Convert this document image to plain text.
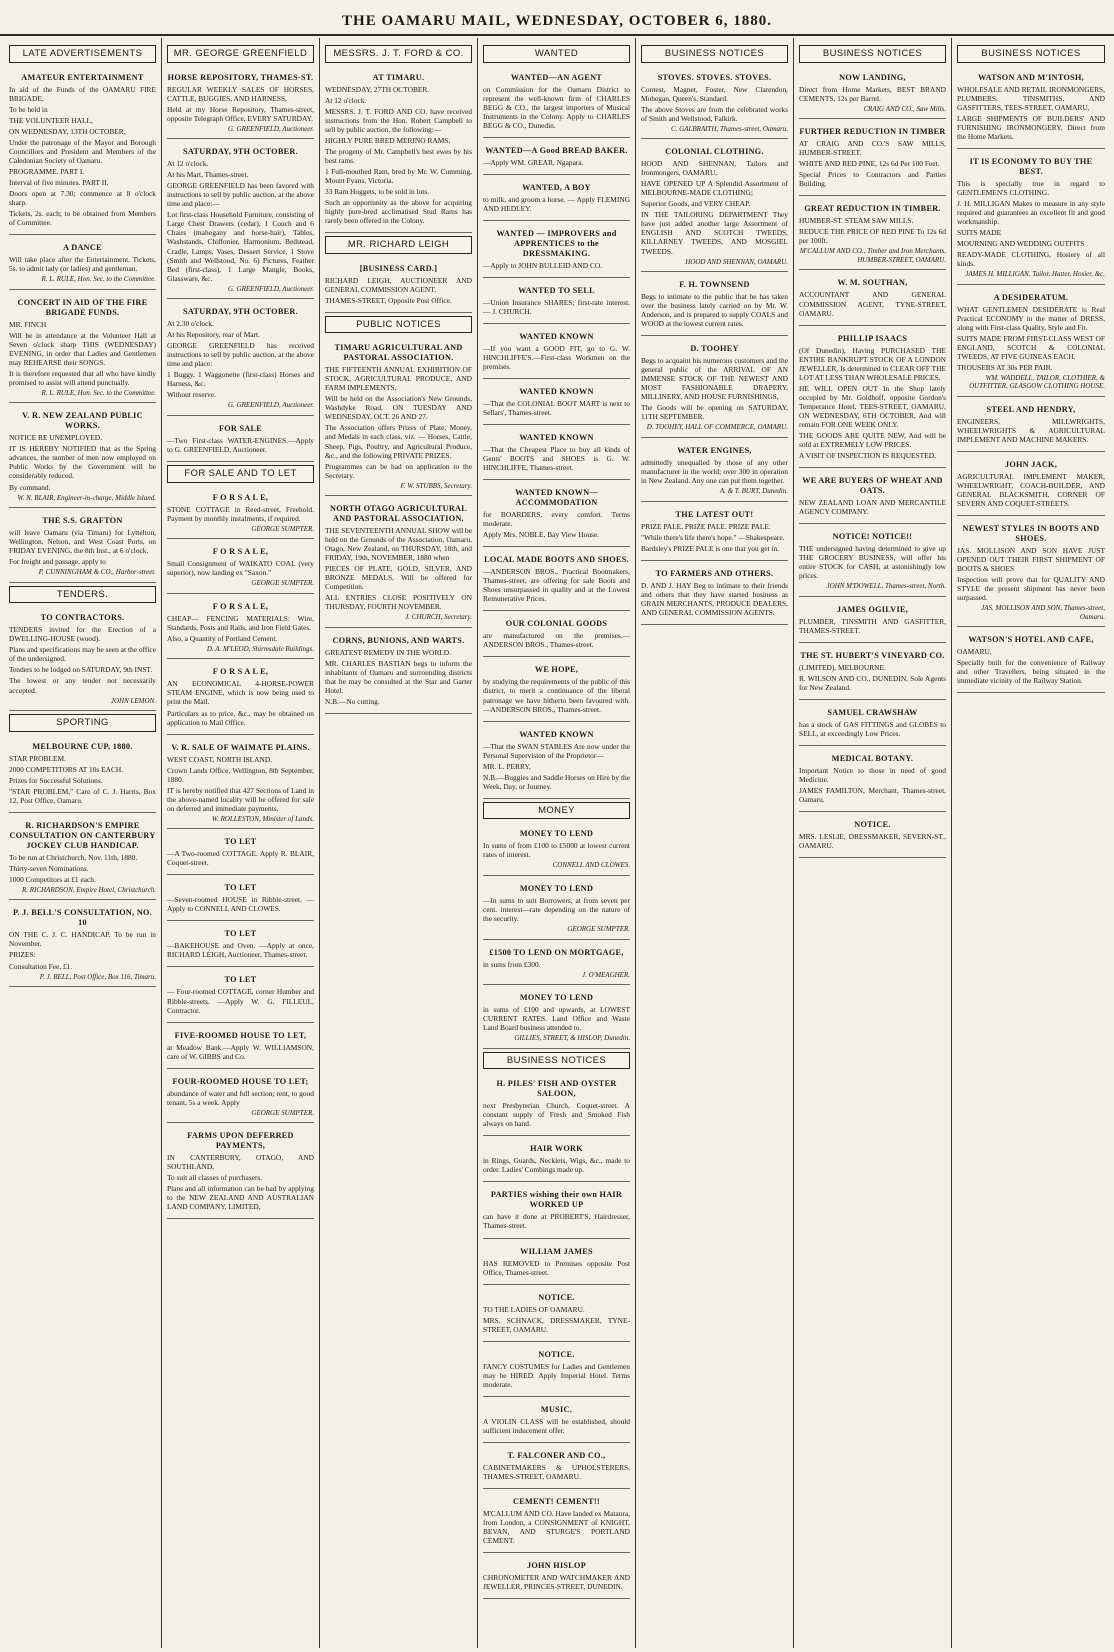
THE OAMARU MAIL, WEDNESDAY, OCTOBER 6, 1880.
LATE ADVERTISEMENTS
AMATEUR ENTERTAINMENT

In aid of the Funds of the OAMARU FIRE BRIGADE,

To be held in

THE VOLUNTEER HALL,

ON WEDNESDAY, 13TH OCTOBER,

Under the patronage of the Mayor and Borough Councillors and President and Members of the Caledonian Society of Oamaru.

PROGRAMME. PART I.

Interval of five minutes. PART II.

Doors open at 7.30; commence at 8 o'clock sharp.

Tickets, 2s. each; to be obtained from Members of Committee.

A DANCE

Will take place after the Entertainment. Tickets, 5s. to admit lady (or ladies) and gentleman.

R. L. RULE, Hon. Sec. to the Committee.
CONCERT IN AID OF THE FIRE BRIGADE FUNDS.

MR. FINCH

Will be in attendance at the Volunteer Hall at Seven o'clock sharp THIS (WEDNESDAY) EVENING, in order that Ladies and Gentlemen may REHEARSE their SONGS.

It is therefore requested that all who have kindly promised to assist will attend punctually.

R. L. RULE, Hon. Sec. to the Committee.
V. R. NEW ZEALAND PUBLIC WORKS.

NOTICE RE UNEMPLOYED.

IT IS HEREBY NOTIFIED that as the Spring advances, the number of men now employed on Public Works by the Government will be considerably reduced.

By command.

W. N. BLAIR, Engineer-in-charge, Middle Island.
THE S.S. GRAFTON

will leave Oamaru (via Timaru) for Lyttelton, Wellington, Nelson, and West Coast Ports, on FRIDAY EVENING, the 8th Inst., at 6 o'clock.

For freight and passage, apply to

P. CUNNINGHAM & CO., Harbor-street.
TENDERS.
TO CONTRACTORS.

TENDERS invited for the Erection of a DWELLING-HOUSE (wood).

Plans and specifications may be seen at the office of the undersigned.

Tenders to be lodged on SATURDAY, 9th INST.

The lowest or any tender not necessarily accepted.

JOHN LEMON.
SPORTING
MELBOURNE CUP, 1880.

STAR PROBLEM.

2000 COMPETITORS AT 10s EACH.

Prizes for Successful Solutions.

"STAR PROBLEM," Care of C. J. Harris, Box 12, Post Office, Oamaru.

R. RICHARDSON'S EMPIRE CONSULTATION ON CANTERBURY JOCKEY CLUB HANDICAP.

To be run at Christchurch, Nov. 11th, 1880.

Thirty-seven Nominations.

1000 Competitors at £1 each.

R. RICHARDSON, Empire Hotel, Christchurch.
P. J. BELL'S CONSULTATION, NO. 10

ON THE C. J. C. HANDICAP, To be run in November.

PRIZES:

Consultation Fee, £1.

P. J. BELL, Post Office, Box 116, Timaru.
MR. GEORGE GREENFIELD
HORSE REPOSITORY, THAMES-ST.

REGULAR WEEKLY SALES OF HORSES, CATTLE, BUGGIES, AND HARNESS,

Held at my Horse Repository, Thames-street, opposite Telegraph Office, EVERY SATURDAY.

G. GREENFIELD, Auctioneer.
SATURDAY, 9TH OCTOBER.

At 12 o'clock.

At his Mart, Thames-street.

GEORGE GREENFIELD has been favored with instructions to sell by public auction, at the above time and place:—

Lot first-class Household Furniture, consisting of Large Chest Drawers (cedar), 1 Couch and 6 Chairs (mahogany and horse-hair), Tables, Washstands, Chiffonier, Harmonium, Bedstead, Cradle, Lamps, Vases, Dessert Service, 1 Stove (Smith and Wellstood, No. 6) Pictures, Feather Bed (first-class), 1 Large Mangle, Books, Glassware, &c.

G. GREENFIELD, Auctioneer.
SATURDAY, 9TH OCTOBER.

At 2.30 o'clock.

At his Repository, rear of Mart.

GEORGE GREENFIELD has received instructions to sell by public auction, at the above time and place:

1 Buggy, 1 Waggonette (first-class) Horses and Harness, &c.

Without reserve.

G. GREENFIELD, Auctioneer.
FOR SALE

—Two First-class WATER-ENGINES.—Apply to G. GREENFIELD, Auctioneer.

FOR SALE AND TO LET
F O R S A L E,

STONE COTTAGE in Reed-street, Freehold. Payment by monthly instalments, if required.

GEORGE SUMPTER.
F O R S A L E,

Small Consignment of WAIKATO COAL (very superior), now landing ex "Saxon."

GEORGE SUMPTER.
F O R S A L E,

CHEAP— FENCING MATERIALS: Wire, Standards, Posts and Rails, and Iron Field Gates.

Also, a Quantity of Portland Cement.

D. A. M'LEOD, Shirmsdale Buildings.
F O R S A L E,

AN ECONOMICAL 4-HORSE-POWER STEAM ENGINE, which is now being used to print the Mail.

Particulars as to price, &c., may be obtained on application to Mail Office.

V. R. SALE OF WAIMATE PLAINS.

WEST COAST, NORTH ISLAND.

Crown Lands Office, Wellington, 8th September, 1880.

IT is hereby notified that 427 Sections of Land in the above-named locality will be offered for sale on deferred and immediate payments.

W. ROLLESTON, Minister of Lands.
TO LET

—A Two-roomed COTTAGE. Apply R. BLAIR, Coquet-street.

TO LET

—Seven-roomed HOUSE in Ribble-street. —Apply to CONNELL AND CLOWES.

TO LET

—BAKEHOUSE and Oven. —Apply at once, RICHARD LEIGH, Auctioneer, Thames-street.

TO LET

— Four-roomed COTTAGE, corner Humber and Ribble-streets. —Apply W. G. FILLEUL, Contractor.

FIVE-ROOMED HOUSE TO LET,

at Meadow Bank.—Apply W. WILLIAMSON, care of W. GIBBS and Co.

FOUR-ROOMED HOUSE TO LET;

abundance of water and full section; rent, to good tenant, 5s a week. Apply

GEORGE SUMPTER.
FARMS UPON DEFERRED PAYMENTS,

IN CANTERBURY, OTAGO, AND SOUTHLAND,

To suit all classes of purchasers.

Plans and all information can be had by applying to the NEW ZEALAND AND AUSTRALIAN LAND COMPANY, LIMITED,

MESSRS. J. T. FORD & CO.
AT TIMARU.

WEDNESDAY, 27TH OCTOBER.

At 12 o'clock.

MESSRS. J. T. FORD AND CO. have received instructions from the Hon. Robert Campbell to sell by public auction, the following:—

HIGHLY PURE BRED MERINO RAMS,

The progeny of Mr. Campbell's best ewes by his best rams.

1 Full-mouthed Ram, bred by Mr. W. Cumming, Mount Fyans, Victoria.

33 Ram Hoggets, to be sold in lots.

Such an opportunity as the above for acquiring highly pure-bred acclimatised Stud Rams has rarely been offered in the Colony.

MR. RICHARD LEIGH
[BUSINESS CARD.]

RICHARD LEIGH, AUCTIONEER AND GENERAL COMMISSION AGENT,

THAMES-STREET, Opposite Post Office.

PUBLIC NOTICES
TIMARU AGRICULTURAL AND PASTORAL ASSOCIATION.

THE FIFTEENTH ANNUAL EXHIBITION OF STOCK, AGRICULTURAL PRODUCE, AND FARM IMPLEMENTS,

Will be held on the Association's New Grounds, Washdyke Road, ON TUESDAY AND WEDNESDAY, OCT. 26 AND 27.

The Association offers Prizes of Plate, Money, and Medals in each class, viz. — Horses, Cattle, Sheep, Pigs, Poultry, and Agricultural Produce, &c., and the following PRIVATE PRIZES.

Programmes can be had on application to the Secretary.

F. W. STUBBS, Secretary.
NORTH OTAGO AGRICULTURAL AND PASTORAL ASSOCIATION.

THE SEVENTEENTH ANNUAL SHOW will be held on the Grounds of the Association, Oamaru, Otago, New Zealand, on THURSDAY, 18th, and FRIDAY, 19th, NOVEMBER, 1880 when

PIECES OF PLATE, GOLD, SILVER, AND BRONZE MEDALS, Will be offered for Competition.

ALL ENTRIES CLOSE POSITIVELY ON THURSDAY, FOURTH NOVEMBER.

J. CHURCH, Secretary.
CORNS, BUNIONS, AND WARTS.

GREATEST REMEDY IN THE WORLD.

MR. CHARLES BASTIAN begs to inform the inhabitants of Oamaru and surrounding districts that he may be consulted at the Star and Garter Hotel.

N.B.—No cutting.

WANTED
WANTED—AN AGENT

on Commission for the Oamaru District to represent the well-known firm of CHARLES BEGG & CO., the largest importers of Musical Instruments in the Colony. Apply to CHARLES BEGG & CO., Dunedin.

WANTED—A Good BREAD BAKER.

—Apply WM. GREAR, Ngapara.

WANTED, A BOY

to milk, and groom a horse. — Apply FLEMING AND HEDLEY.

WANTED — IMPROVERS and APPRENTICES to the DRESSMAKING.

—Apply to JOHN BULLEID AND CO.

WANTED TO SELL

—Union Insurance SHARES; first-rate interest. — J. CHURCH.

WANTED KNOWN

—If you want a GOOD FIT, go to G. W. HINCHLIFFE'S.—First-class Workmen on the premises.

WANTED KNOWN

—That the COLONIAL BOOT MART is next to Sellars', Thames-street.

WANTED KNOWN

—That the Cheapest Place to buy all kinds of Gents' BOOTS and SHOES is G. W. HINCHLIFFE, Thames-street.

WANTED KNOWN—ACCOMMODATION

for BOARDERS, every comfort. Terms moderate.

Apply Mrs. NOBLE, Bay View House.

LOCAL MADE BOOTS AND SHOES.

—ANDERSON BROS., Practical Bootmakers, Thames-street, are offering for sale Boots and Shoes unsurpassed in quality and at the Lowest Remunerative Prices.

OUR COLONIAL GOODS

are manufactured on the premises.—ANDERSON BROS., Thames-street.

WE HOPE,

by studying the requirements of the public of this district, to merit a continuance of the liberal patronage we have hitherto been favoured with. —ANDERSON BROS., Thames-street.

WANTED KNOWN

—That the SWAN STABLES Are now under the Personal Supervision of the Proprietor—

MR. L. PERRY,

N.B.—Buggies and Saddle Horses on Hire by the Week, Day, or Journey.

MONEY
MONEY TO LEND

In sums of from £100 to £5000 at lowest current rates of interest.

CONNELL AND CLOWES.
MONEY TO LEND

—In sums to suit Borrowers, at from seven per cent. interest—rate depending on the nature of the security.

GEORGE SUMPTER.
£1500 TO LEND ON MORTGAGE,

in sums from £300.

J. O'MEAGHER.
MONEY TO LEND

in sums of £100 and upwards, at LOWEST CURRENT RATES. Land Office and Waste Land Board business attended to.

GILLIES, STREET, & HISLOP, Dunedin.
BUSINESS NOTICES
H. PILES' FISH AND OYSTER SALOON,

next Presbyterian Church, Coquet-street. A constant supply of Fresh and Smoked Fish always on hand.

HAIR WORK

in Rings, Guards, Necklets, Wigs, &c., made to order. Ladies' Combings made up.

PARTIES wishing their own HAIR WORKED UP

can have it done at PROBERT'S, Hairdresser, Thames-street.

WILLIAM JAMES

HAS REMOVED to Premises opposite Post Office, Thames-street.

NOTICE.

TO THE LADIES OF OAMARU.

MRS. SCHNACK, DRESSMAKER, TYNE-STREET, OAMARU.

NOTICE.

FANCY COSTUMES for Ladies and Gentlemen may be HIRED. Apply Imperial Hotel. Terms moderate.

MUSIC.

A VIOLIN CLASS will be established, should sufficient inducement offer.

T. FALCONER AND CO.,

CABINETMAKERS & UPHOLSTERERS, THAMES-STREET, OAMARU.

CEMENT! CEMENT!!

M'CALLUM AND CO. Have landed ex Mataura, from London, a CONSIGNMENT of KNIGHT, BEVAN, AND STURGE'S PORTLAND CEMENT.

JOHN HISLOP

CHRONOMETER AND WATCHMAKER AND JEWELLER, PRINCES-STREET, DUNEDIN.

BUSINESS NOTICES
STOVES. STOVES. STOVES.

Contest, Magnet, Foster, New Clarendon, Mohegan, Queen's, Standard.

The above Stoves are from the celebrated works of Smith and Wellstood, Falkirk.

C. GALBRAITH, Thames-street, Oamaru.
COLONIAL CLOTHING.

HOOD AND SHENNAN, Tailors and Ironmongers, OAMARU,

HAVE OPENED UP A Splendid Assortment of MELBOURNE-MADE CLOTHING;

Superior Goods, and VERY CHEAP.

IN THE TAILORING DEPARTMENT They have just added another large Assortment of ENGLISH AND SCOTCH TWEEDS, KILLARNEY TWEEDS, AND MOSGIEL TWEEDS.

HOOD AND SHENNAN, OAMARU.
F. H. TOWNSEND

Begs to intimate to the public that he has taken over the business lately carried on by Mr. W. Anderson, and is prepared to supply COALS and WOOD at the lowest current rates.

D. TOOHEY

Begs to acquaint his numerous customers and the general public of the ARRIVAL OF AN IMMENSE STOCK OF THE NEWEST AND MOST FASHIONABLE DRAPERY, MILLINERY, AND HOUSE FURNISHINGS,

The Goods will be opening on SATURDAY, 11TH SEPTEMBER.

D. TOOHEY, HALL OF COMMERCE, OAMARU.
WATER ENGINES,

admittedly unequalled by those of any other manufacturer in the world; over 300 in operation in New Zealand. Any one can put them together.

A. & T. BURT, Dunedin.
THE LATEST OUT!

PRIZE PALE. PRIZE PALE. PRIZE PALE.

"While there's life there's hope." —Shakespeare.

Bardsley's PRIZE PALE is one that you get in.

TO FARMERS AND OTHERS.

D. AND J. HAY Beg to intimate to their friends and others that they have started business as GRAIN MERCHANTS, PRODUCE DEALERS, AND GENERAL COMMISSION AGENTS.

BUSINESS NOTICES
NOW LANDING,

Direct from Home Markets, BEST BRAND CEMENTS, 12s per Barrel.

CRAIG AND CO., Saw Mills.
FURTHER REDUCTION IN TIMBER

AT CRAIG AND CO.'S SAW MILLS, HUMBER-STREET.

WHITE AND RED PINE, 12s 6d Per 100 Feet.

Special Prices to Contractors and Parties Building.

GREAT REDUCTION IN TIMBER.

HUMBER-ST. STEAM SAW MILLS.

REDUCE THE PRICE OF RED PINE To 12s 6d per 100ft.

M'CALLUM AND CO., Timber and Iron Merchants, HUMBER-STREET, OAMARU.
W. M. SOUTHAN,

ACCOUNTANT AND GENERAL COMMISSION AGENT, TYNE-STREET, OAMARU.

PHILLIP ISAACS

(Of Dunedin), Having PURCHASED THE ENTIRE BANKRUPT STOCK OF A LONDON JEWELLER, Is determined to CLEAR OFF THE LOT AT LESS THAN WHOLESALE PRICES.

HE WILL OPEN OUT In the Shop lately occupied by Mr. Goldhoff, opposite Gordon's Temperance Hotel, TEES-STREET, OAMARU, ON WEDNESDAY, 6TH OCTOBER, And will remain FOR ONE WEEK ONLY.

THE GOODS ARE QUITE NEW, And will be sold at EXTREMELY LOW PRICES.

A VISIT OF INSPECTION IS REQUESTED,

WE ARE BUYERS OF WHEAT AND OATS.

NEW ZEALAND LOAN AND MERCANTILE AGENCY COMPANY.

NOTICE! NOTICE!!

THE undersigned having determined to give up THE GROCERY BUSINESS, will offer his entire STOCK for CASH, at astonishingly low prices.

JOHN M'DOWELL, Thames-street, North.
JAMES OGILVIE,

PLUMBER, TINSMITH AND GASFITTER, THAMES-STREET.

THE ST. HUBERT'S VINEYARD CO.

(LIMITED), MELBOURNE.

R. WILSON AND CO., DUNEDIN, Sole Agents for New Zealand.

SAMUEL CRAWSHAW

has a stock of GAS FITTINGS and GLOBES to SELL, at exceedingly Low Prices.

MEDICAL BOTANY.

Important Notice to those in need of good Medicine.

JAMES FAMILTON, Merchant, Thames-street, Oamaru.

NOTICE.

MRS. LESLIE, DRESSMAKER, SEVERN-ST., OAMARU.

BUSINESS NOTICES
WATSON AND M'INTOSH,

WHOLESALE AND RETAIL IRONMONGERS, PLUMBERS, TINSMITHS, AND GASFITTERS, TEES-STREET, OAMARU,

LARGE SHIPMENTS OF BUILDERS' AND FURNISHING IRONMONGERY, Direct from the Home Markets.

IT IS ECONOMY TO BUY THE BEST.

This is specially true in regard to GENTLEMEN'S CLOTHING.

J. H. MILLIGAN Makes to measure in any style required and guarantees an excellent fit and good workmanship.

SUITS MADE

MOURNING AND WEDDING OUTFITS

READY-MADE CLOTHING, Hosiery of all kinds.

JAMES H. MILLIGAN, Tailor, Hatter, Hosier, &c.
A DESIDERATUM.

WHAT GENTLEMEN DESIDERATE is Real Practical ECONOMY in the matter of DRESS, along with First-class Quality, Style and Fit.

SUITS MADE FROM FIRST-CLASS WEST OF ENGLAND, SCOTCH & COLONIAL TWEEDS, AT FIVE GUINEAS EACH.

TROUSERS AT 30s PER PAIR.

WM. WADDELL, TAILOR, CLOTHIER, & OUTFITTER, GLASGOW CLOTHING HOUSE.
STEEL AND HENDRY,

ENGINEERS, MILLWRIGHTS, WHEELWRIGHTS & AGRICULTURAL IMPLEMENT AND MACHINE MAKERS.

JOHN JACK,

AGRICULTURAL IMPLEMENT MAKER, WHEELWRIGHT, COACH-BUILDER, AND GENERAL BLACKSMITH, CORNER OF SEVERN AND COQUET-STREETS.

NEWEST STYLES IN BOOTS AND SHOES.

JAS. MOLLISON AND SON HAVE JUST OPENED OUT THEIR FIRST SHIPMENT OF BOOTS & SHOES

Inspection will prove that for QUALITY AND STYLE the present shipment has never been surpassed.

JAS. MOLLISON AND SON, Thames-street, Oamaru.
WATSON'S HOTEL AND CAFE,

OAMARU,

Specially built for the convenience of Railway and other Travellers, being situated in the immediate vicinity of the Railway Station.
